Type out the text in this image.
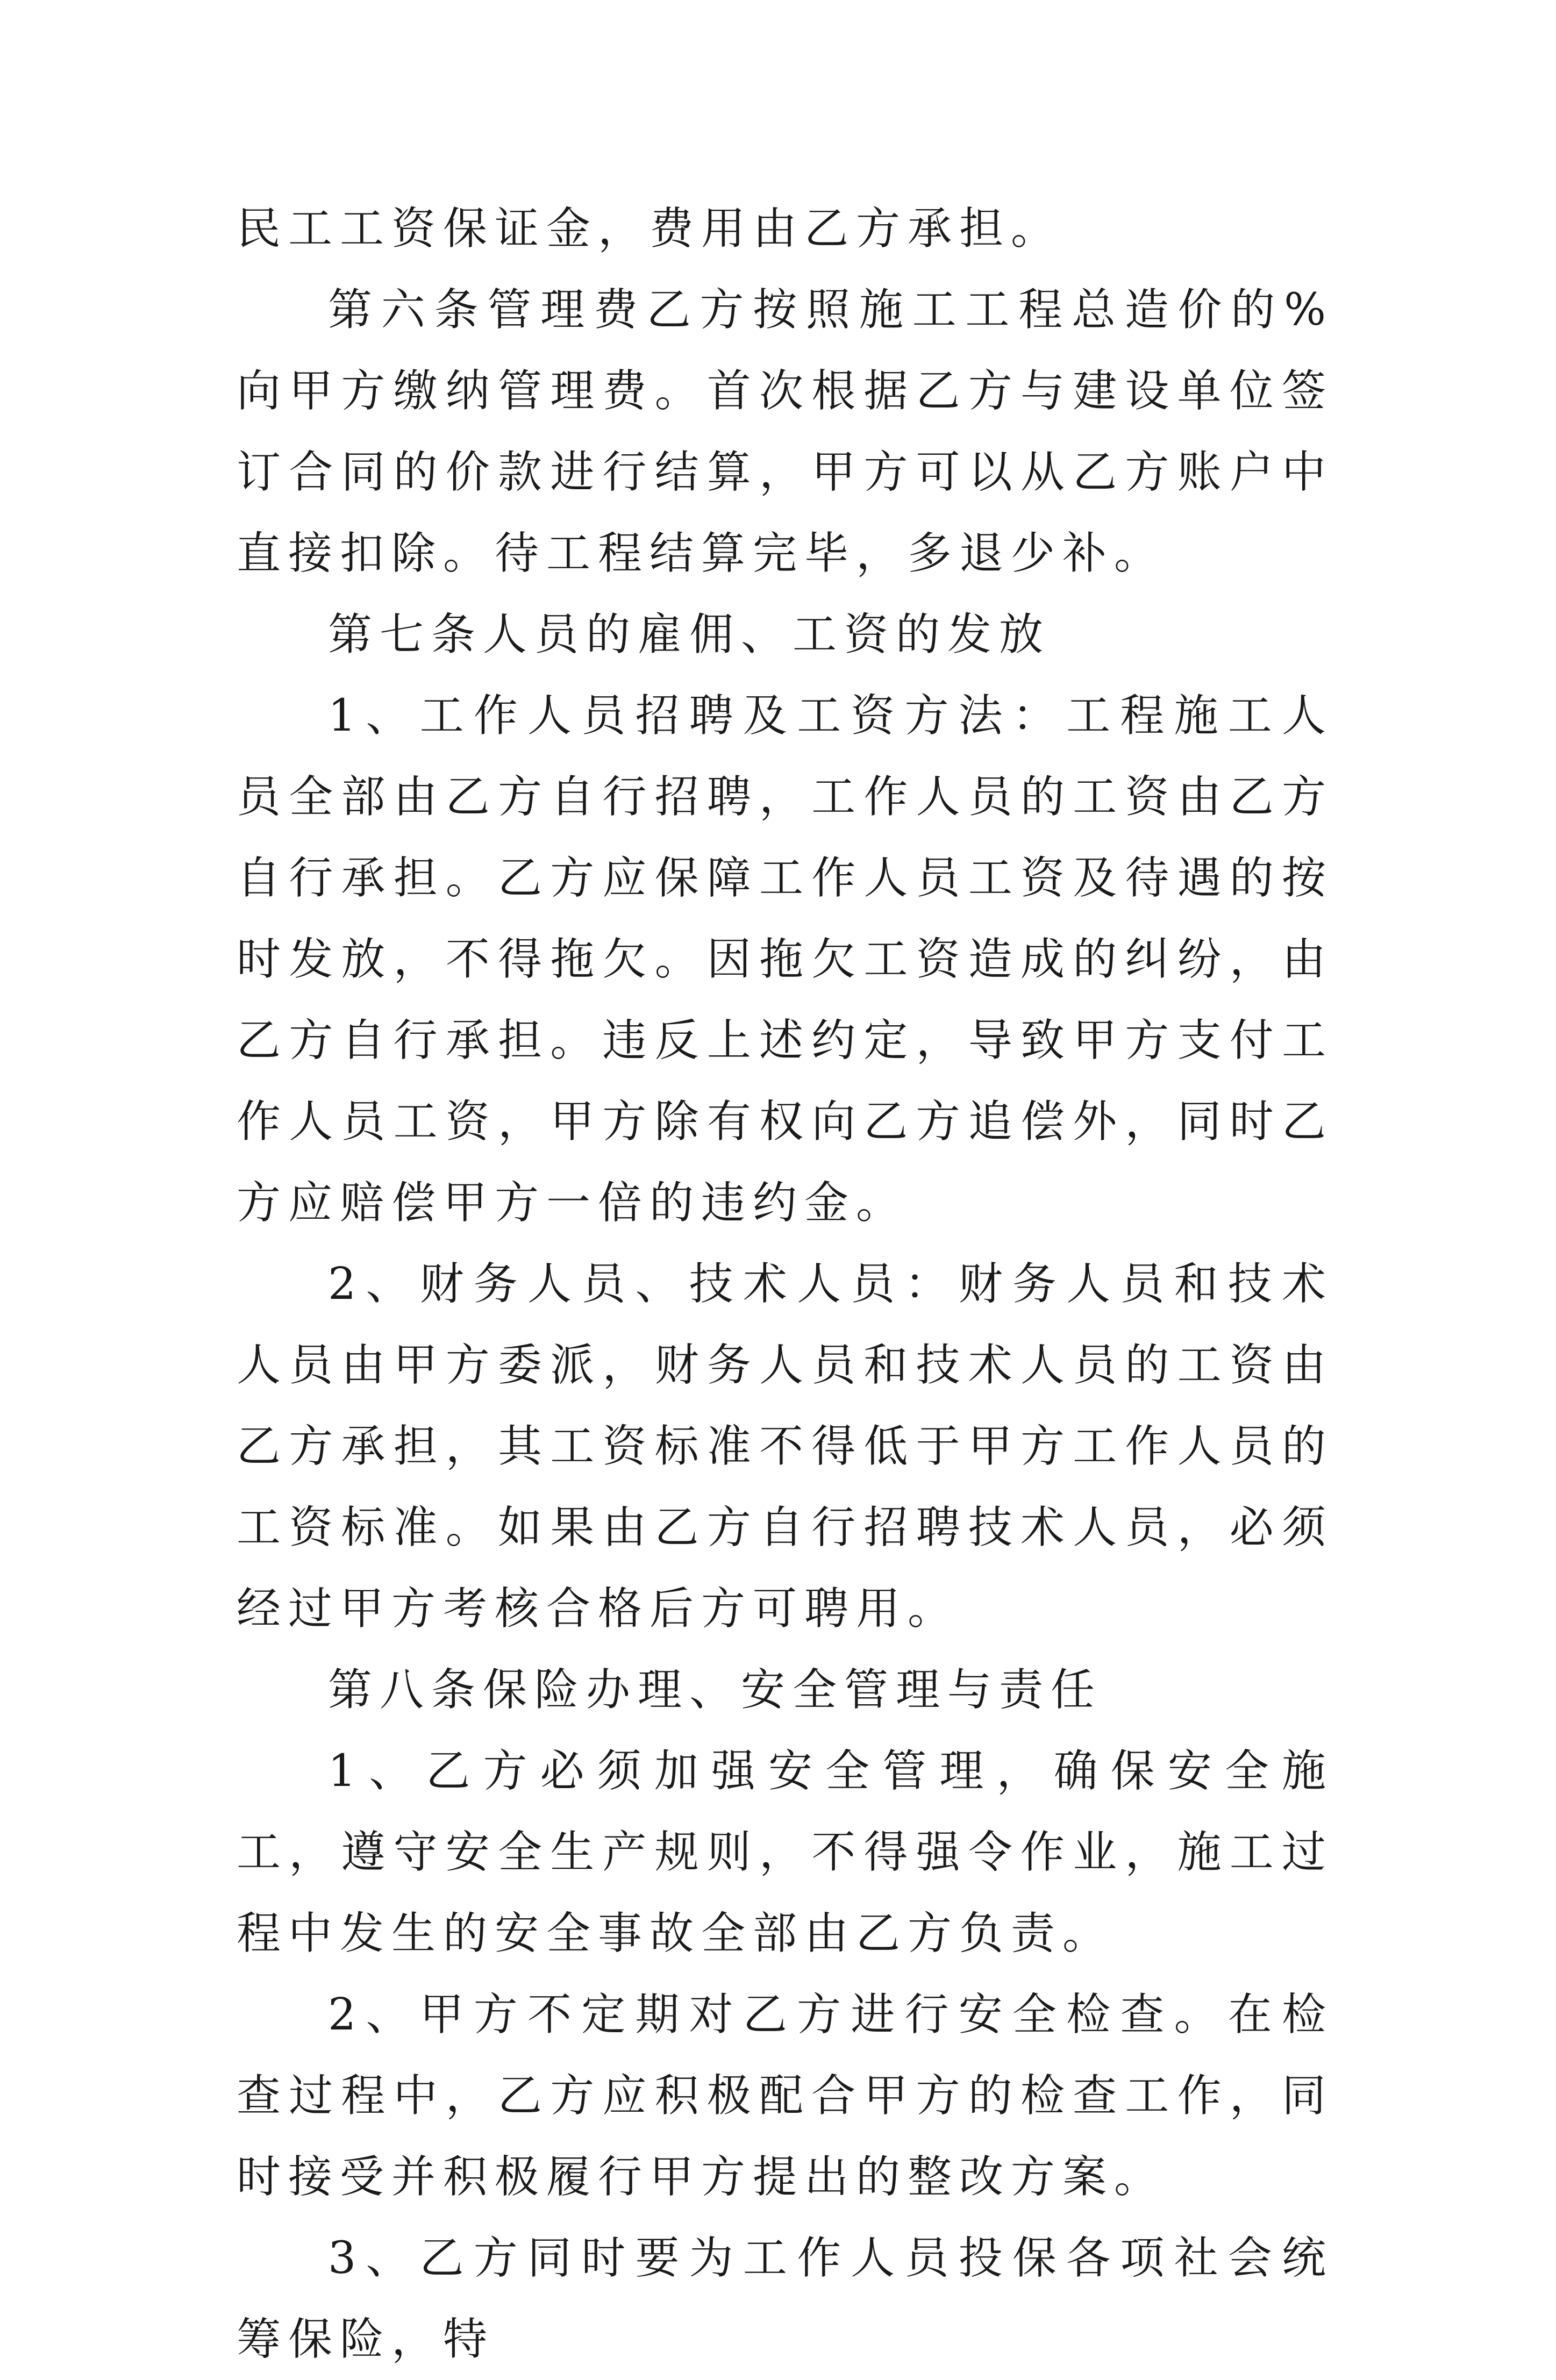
民工工资保证金，费用由乙方承担。

第六条管理费乙方按照施工工程总造价的%向甲方缴纳管理费。首次根据乙方与建设单位签订合同的价款进行结算，甲方可以从乙方账户中直接扣除。待工程结算完毕，多退少补。

第七条人员的雇佣、工资的发放

1、工作人员招聘及工资方法：工程施工人员全部由乙方自行招聘，工作人员的工资由乙方自行承担。乙方应保障工作人员工资及待遇的按时发放，不得拖欠。因拖欠工资造成的纠纷，由乙方自行承担。违反上述约定，导致甲方支付工作人员工资，甲方除有权向乙方追偿外，同时乙方应赔偿甲方一倍的违约金。

2、财务人员、技术人员：财务人员和技术人员由甲方委派，财务人员和技术人员的工资由乙方承担，其工资标准不得低于甲方工作人员的工资标准。如果由乙方自行招聘技术人员，必须经过甲方考核合格后方可聘用。

第八条保险办理、安全管理与责任

1、乙方必须加强安全管理，确保安全施工，遵守安全生产规则，不得强令作业，施工过程中发生的安全事故全部由乙方负责。

2、甲方不定期对乙方进行安全检查。在检查过程中，乙方应积极配合甲方的检查工作，同时接受并积极履行甲方提出的整改方案。

3、乙方同时要为工作人员投保各项社会统筹保险，特
